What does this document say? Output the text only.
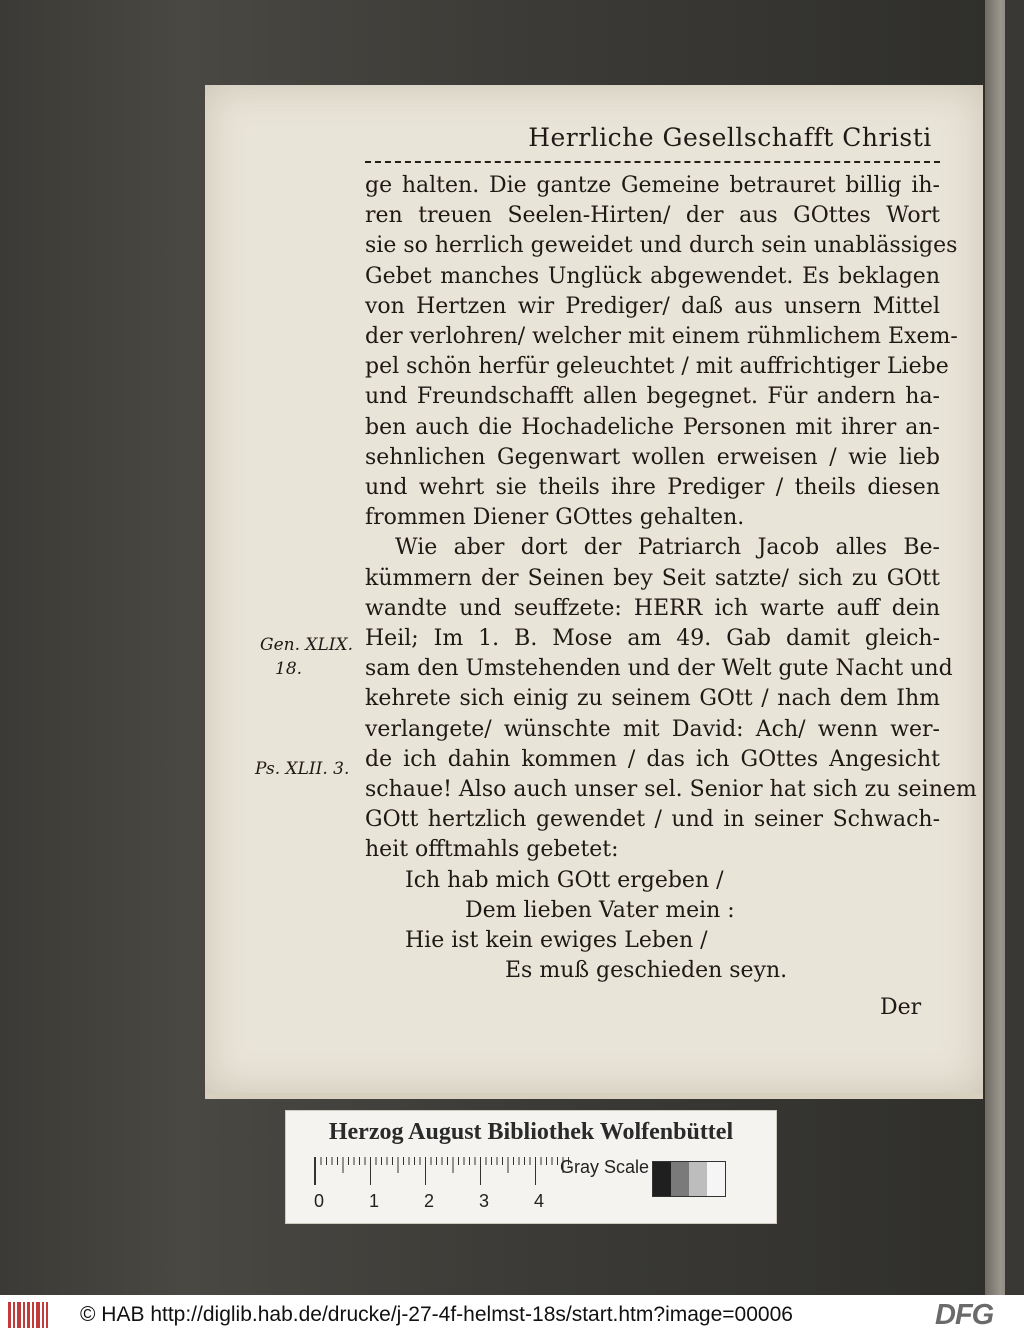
Herrliche Gesellschafft Christi
ge halten. Die gantze Gemeine betrauret billig ih-
ren treuen Seelen-Hirten/ der aus GOttes Wort
sie so herrlich geweidet und durch sein unablässiges
Gebet manches Unglück abgewendet. Es beklagen
von Hertzen wir Prediger/ daß aus unsern Mittel
der verlohren/ welcher mit einem rühmlichem Exem-
pel schön herfür geleuchtet / mit auffrichtiger Liebe
und Freundschafft allen begegnet. Für andern ha-
ben auch die Hochadeliche Personen mit ihrer an-
sehnlichen Gegenwart wollen erweisen / wie lieb
und wehrt sie theils ihre Prediger / theils diesen
frommen Diener GOttes gehalten.
Wie aber dort der Patriarch Jacob alles Be-
kümmern der Seinen bey Seit satzte/ sich zu GOtt
wandte und seuffzete: HERR ich warte auff dein
Heil; Im 1. B. Mose am 49. Gab damit gleich-
sam den Umstehenden und der Welt gute Nacht und
kehrete sich einig zu seinem GOtt / nach dem Ihm
verlangete/ wünschte mit David: Ach/ wenn wer-
de ich dahin kommen / das ich GOttes Angesicht
schaue! Also auch unser sel. Senior hat sich zu seinem
GOtt hertzlich gewendet / und in seiner Schwach-
heit offtmahls gebetet:
Ich hab mich GOtt ergeben /
Dem lieben Vater mein :
Hie ist kein ewiges Leben /
Es muß geschieden seyn.
Der
Gen. XLIX.
18.
Ps. XLII. 3.
Herzog August Bibliothek Wolfenbüttel
0 1 2 3 4
Gray Scale
© HAB http://diglib.hab.de/drucke/j-27-4f-helmst-18s/start.htm?image=00006	DFG
